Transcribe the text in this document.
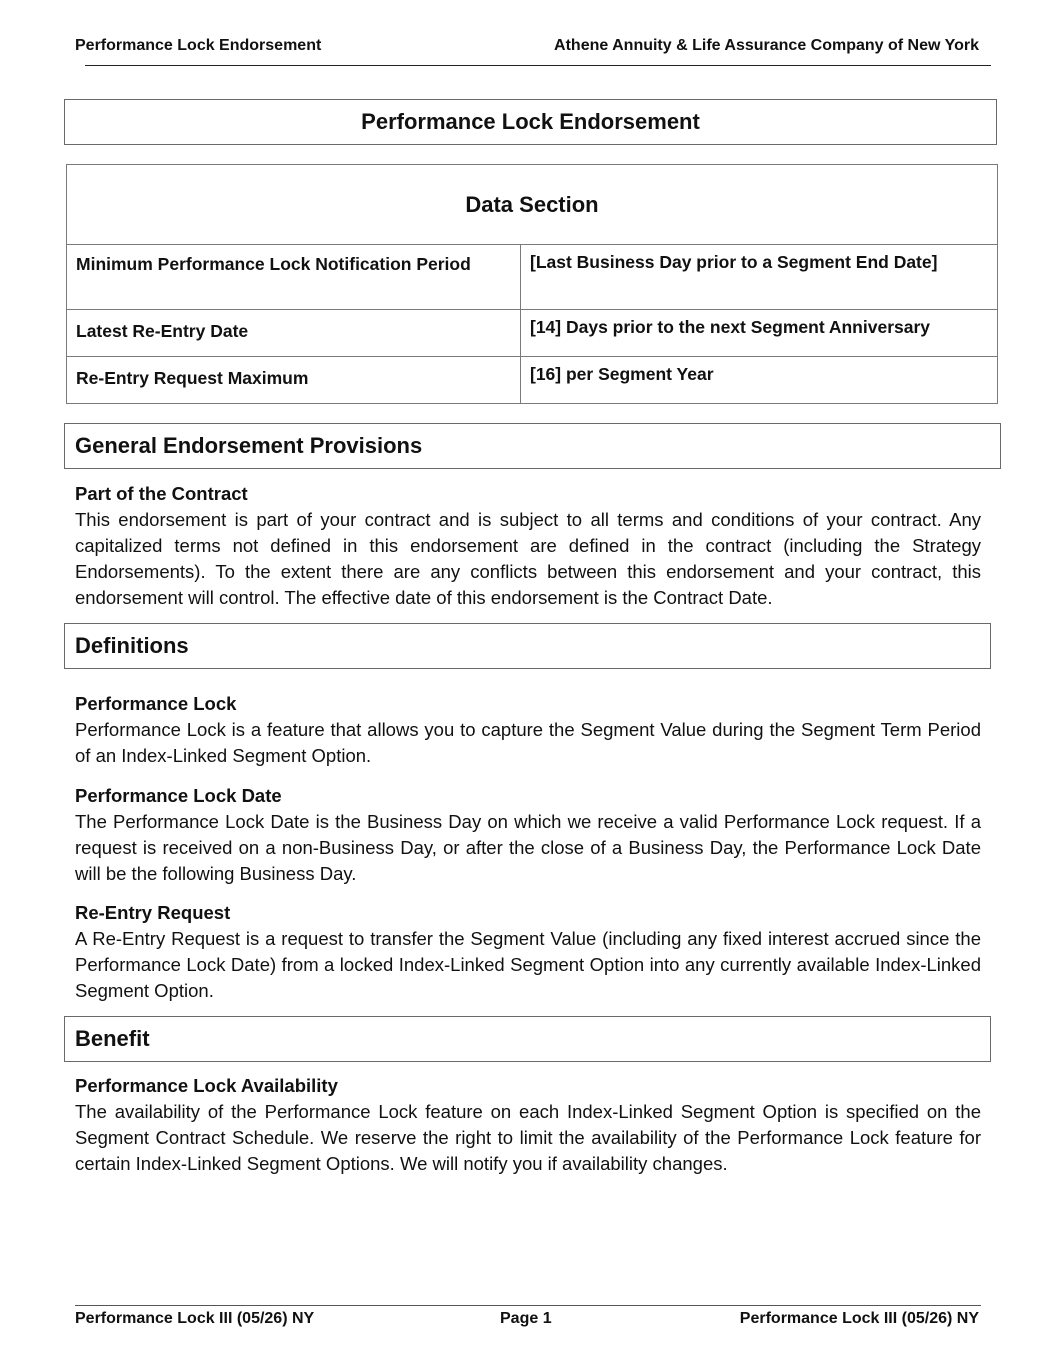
Performance Lock Endorsement	Athene Annuity & Life Assurance Company of New York
Performance Lock Endorsement
Data Section	
Minimum Performance Lock Notification Period	[Last Business Day prior to a Segment End Date]
Latest Re-Entry Date	[14] Days prior to the next Segment Anniversary
Re-Entry Request Maximum	[16] per Segment Year
General Endorsement Provisions
Part of the Contract
This endorsement is part of your contract and is subject to all terms and conditions of your contract. Any capitalized terms not defined in this endorsement are defined in the contract (including the Strategy Endorsements). To the extent there are any conflicts between this endorsement and your contract, this endorsement will control. The effective date of this endorsement is the Contract Date.
Definitions
Performance Lock
Performance Lock is a feature that allows you to capture the Segment Value during the Segment Term Period of an Index-Linked Segment Option.
Performance Lock Date
The Performance Lock Date is the Business Day on which we receive a valid Performance Lock request. If a request is received on a non-Business Day, or after the close of a Business Day, the Performance Lock Date will be the following Business Day.
Re-Entry Request
A Re-Entry Request is a request to transfer the Segment Value (including any fixed interest accrued since the Performance Lock Date) from a locked Index-Linked Segment Option into any currently available Index-Linked Segment Option.
Benefit
Performance Lock Availability
The availability of the Performance Lock feature on each Index-Linked Segment Option is specified on the Segment Contract Schedule. We reserve the right to limit the availability of the Performance Lock feature for certain Index-Linked Segment Options. We will notify you if availability changes.
Performance Lock III (05/26) NY	Page 1	Performance Lock III (05/26) NY
